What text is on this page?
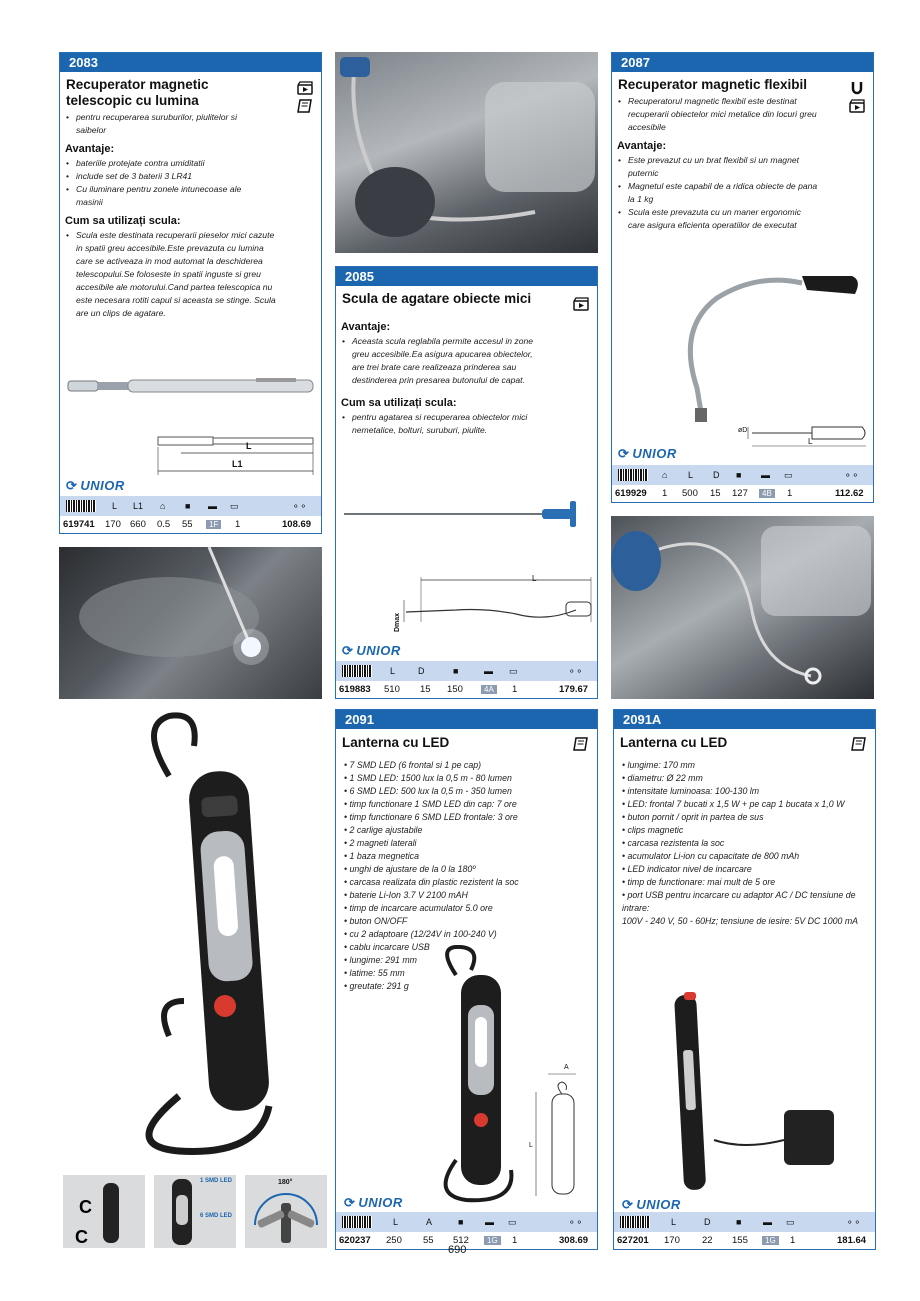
2083
Recuperator magnetic telescopic cu lumina
• pentru recuperarea suruburilor, piulitelor si saibelor
Avantaje:
• bateriile protejate contra umiditatii
• include set de 3 baterii 3 LR41
• Cu iluminare pentru zonele intunecoase ale masinii
Cum sa utilizați scula:
• Scula este destinata recuperarii pieselor mici cazute in spatii greu accesibile.Este prevazuta cu lumina care se activeaza in mod automat la deschiderea telescopului.Se foloseste in spatii inguste si greu accesibile ale motorului.Cand partea telescopica nu este necesara rotiti capul si aceasta se stinge. Scula are un clips de agatare.
L
L1
⟳ UNIOR
L L1 ⌂ ■ ▬ ▭	⚬⚬
619741 170 660 0.5 55	1F	1	108.69
2085
Scula de agatare obiecte mici
Avantaje:
• Aceasta scula reglabila permite accesul in zone greu accesibile.Ea asigura apucarea obiectelor, are trei brate care realizeaza prinderea sau destinderea prin presarea butonului de capat.
Cum sa utilizați scula:
• pentru agatarea si recuperarea obiectelor mici nemetalice, bolturi, suruburi, piulite.
L
Dmax
⟳ UNIOR
L	D	■	▬ ▭	⚬⚬
619883 510 15 150	4A	1	179.67
2087
Recuperator magnetic flexibil
• Recuperatorul magnetic flexibil este destinat recuperarii obiectelor mici metalice din locuri greu accesibile
Avantaje:
• Este prevazut cu un brat flexibil si un magnet puternic
• Magnetul este capabil de a ridica obiecte de pana la 1 kg
• Scula este prevazuta cu un maner ergonomic care asigura eficienta operatiilor de executat
øD
L
⟳ UNIOR
⌂ L D ■ ▬ ▭	⚬⚬
619929 1 500 15 127	4B	1	112.62
C
C
1 SMD LED
6 SMD LED
180°
2091
Lanterna cu LED
• 7 SMD LED (6 frontal si 1 pe cap)
• 1 SMD LED: 1500 lux la 0,5 m - 80 lumen
• 6 SMD LED: 500 lux la 0,5 m - 350 lumen
• timp functionare 1 SMD LED din cap: 7 ore
• timp functionare 6 SMD LED frontale: 3 ore
• 2 carlige ajustabile
• 2 magneti laterali
• 1 baza megnetica
• unghi de ajustare de la 0 la 180º
• carcasa realizata din plastic rezistent la soc
• baterie Li-Ion 3.7 V 2100 mAH
• timp de incarcare acumulator 5.0 ore
• buton ON/OFF
• cu 2 adaptoare (12/24V in 100-240 V)
• cablu incarcare USB
• lungime: 291 mm
• latime: 55 mm
• greutate: 291 g
A
L
⟳ UNIOR
L	A	■ ▬ ▭	⚬⚬
620237 250 55 512	1G	1	308.69
2091A
Lanterna cu LED
• lungime: 170 mm
• diametru: Ø 22 mm
• intensitate luminoasa: 100-130 lm
• LED: frontal 7 bucati x 1,5 W + pe cap 1 bucata x 1,0 W
• buton pornit / oprit in partea de sus
• clips magnetic
• carcasa rezistenta la soc
• acumulator Li-ion cu capacitate de 800 mAh
• LED indicator nivel de incarcare
• timp de functionare: mai mult de 5 ore
• port USB pentru incarcare cu adaptor AC / DC tensiune de intrare:
100V - 240 V, 50 - 60Hz; tensiune de iesire: 5V DC 1000 mA
⟳ UNIOR
L	D	■ ▬ ▭	⚬⚬
627201 170 22 155	1G	1	181.64
690
